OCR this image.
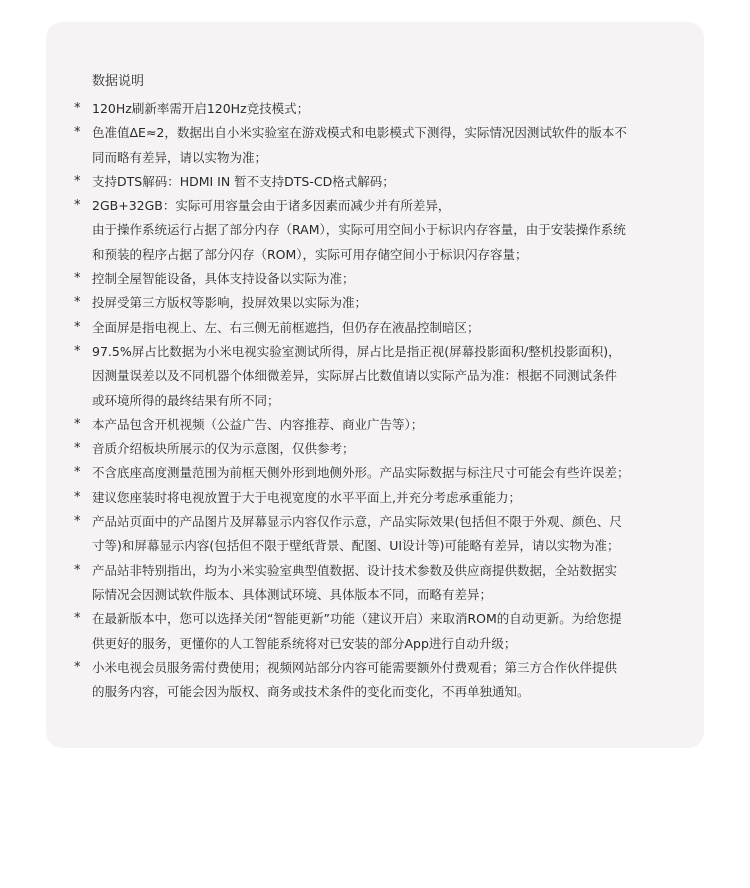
数据说明
* 120Hz刷新率需开启120Hz竞技模式；
* 色准值ΔE≈2，数据出自小米实验室在游戏模式和电影模式下测得，实际情况因测试软件的版本不
同而略有差异，请以实物为准；
* 支持DTS解码：HDMI IN 暂不支持DTS-CD格式解码；
* 2GB+32GB：实际可用容量会由于诸多因素而减少并有所差异，
由于操作系统运行占据了部分内存（RAM），实际可用空间小于标识内存容量，由于安装操作系统
和预装的程序占据了部分闪存（ROM），实际可用存储空间小于标识闪存容量；
* 控制全屋智能设备，具体支持设备以实际为准；
* 投屏受第三方版权等影响，投屏效果以实际为准；
* 全面屏是指电视上、左、右三侧无前框遮挡，但仍存在液晶控制暗区；
* 97.5%屏占比数据为小米电视实验室测试所得，屏占比是指正视(屏幕投影面积/整机投影面积)，
因测量误差以及不同机器个体细微差异，实际屏占比数值请以实际产品为准：根据不同测试条件
或环境所得的最终结果有所不同；
* 本产品包含开机视频（公益广告、内容推荐、商业广告等）；
* 音质介绍板块所展示的仅为示意图，仅供参考；
* 不含底座高度测量范围为前框天侧外形到地侧外形。产品实际数据与标注尺寸可能会有些许误差；
* 建议您座装时将电视放置于大于电视宽度的水平平面上,并充分考虑承重能力；
* 产品站页面中的产品图片及屏幕显示内容仅作示意，产品实际效果(包括但不限于外观、颜色、尺
寸等)和屏幕显示内容(包括但不限于壁纸背景、配图、UI设计等)可能略有差异，请以实物为准；
* 产品站非特别指出，均为小米实验室典型值数据、设计技术参数及供应商提供数据，全站数据实
际情况会因测试软件版本、具体测试环境、具体版本不同，而略有差异；
* 在最新版本中，您可以选择关闭“智能更新”功能（建议开启）来取消ROM的自动更新。为给您提
供更好的服务，更懂你的人工智能系统将对已安装的部分App进行自动升级；
* 小米电视会员服务需付费使用；视频网站部分内容可能需要额外付费观看；第三方合作伙伴提供
的服务内容，可能会因为版权、商务或技术条件的变化而变化，不再单独通知。
